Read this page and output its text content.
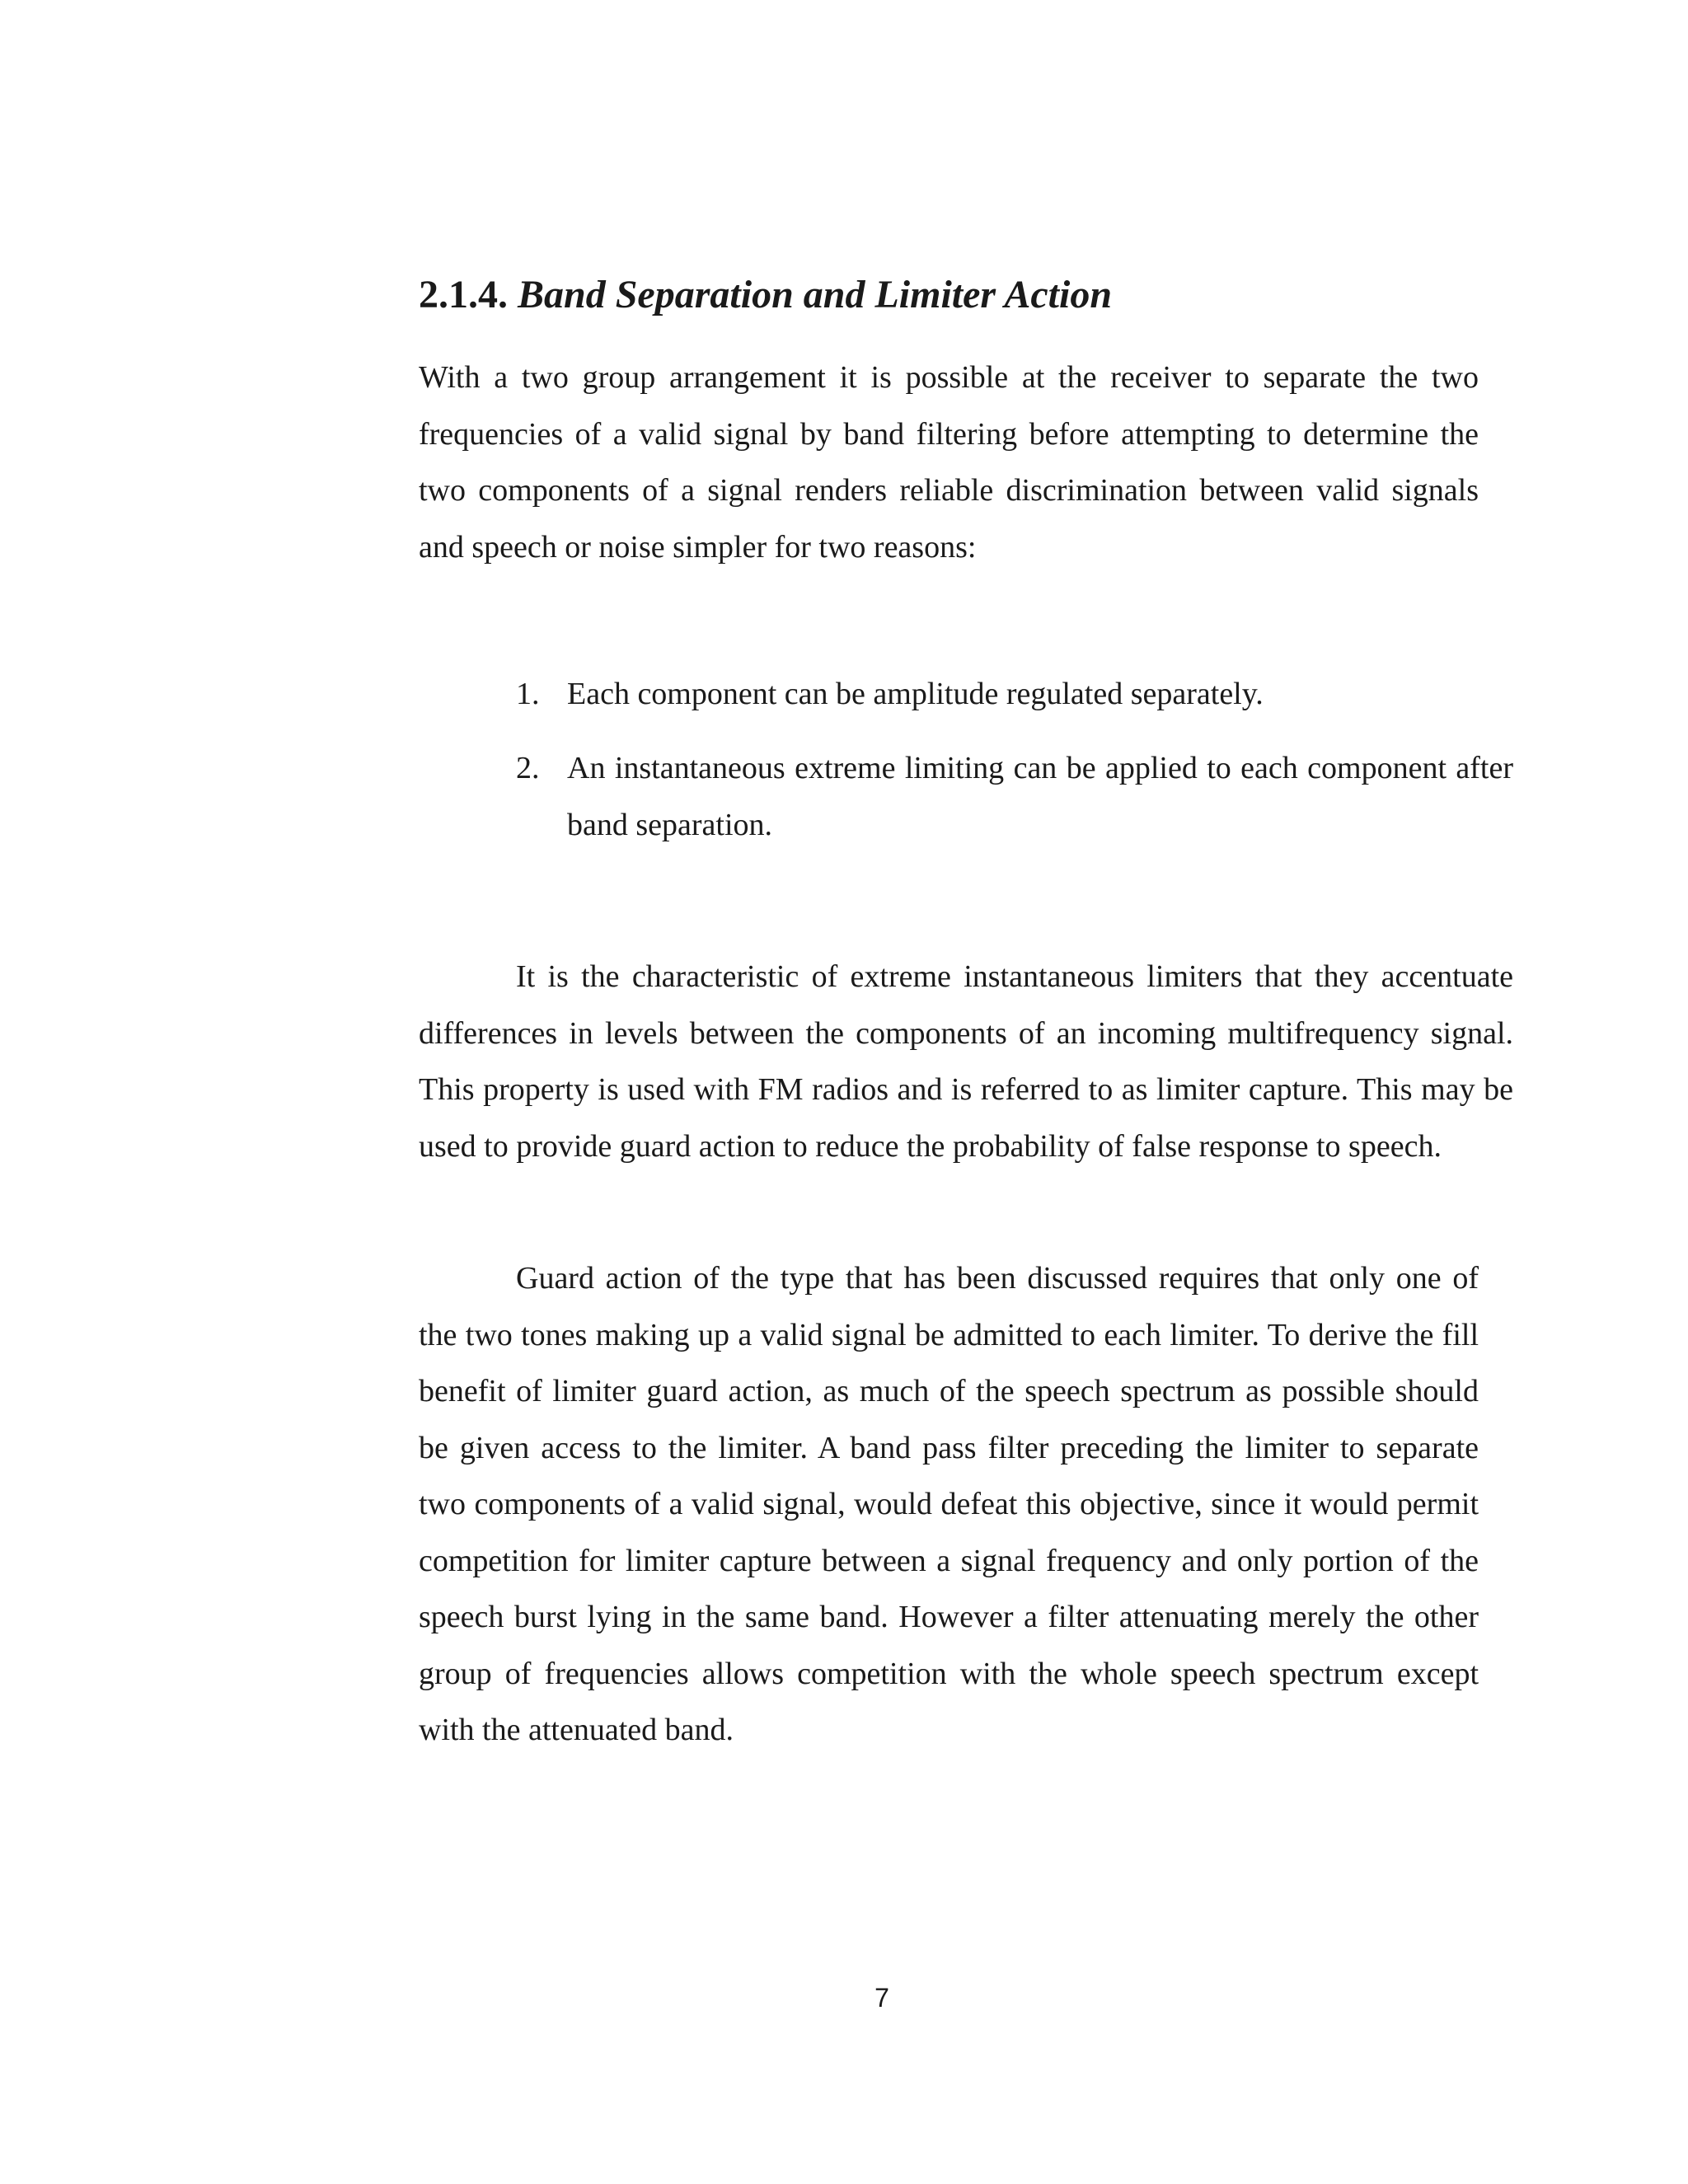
2.1.4. Band Separation and Limiter Action

With a two group arrangement it is possible at the receiver to separate the two frequencies of a valid signal by band filtering before attempting to determine the two components of a signal renders reliable discrimination between valid signals and speech or noise simpler for two reasons:

1. Each component can be amplitude regulated separately.
2. An instantaneous extreme limiting can be applied to each component after band separation.

It is the characteristic of extreme instantaneous limiters that they accentuate differences in levels between the components of an incoming multifrequency signal. This property is used with FM radios and is referred to as limiter capture. This may be used to provide guard action to reduce the probability of false response to speech.

Guard action of the type that has been discussed requires that only one of the two tones making up a valid signal be admitted to each limiter. To derive the fill benefit of limiter guard action, as much of the speech spectrum as possible should be given access to the limiter. A band pass filter preceding the limiter to separate two components of a valid signal, would defeat this objective, since it would permit competition for limiter capture between a signal frequency and only portion of the speech burst lying in the same band. However a filter attenuating merely the other group of frequencies allows competition with the whole speech spectrum except with the attenuated band.

7
